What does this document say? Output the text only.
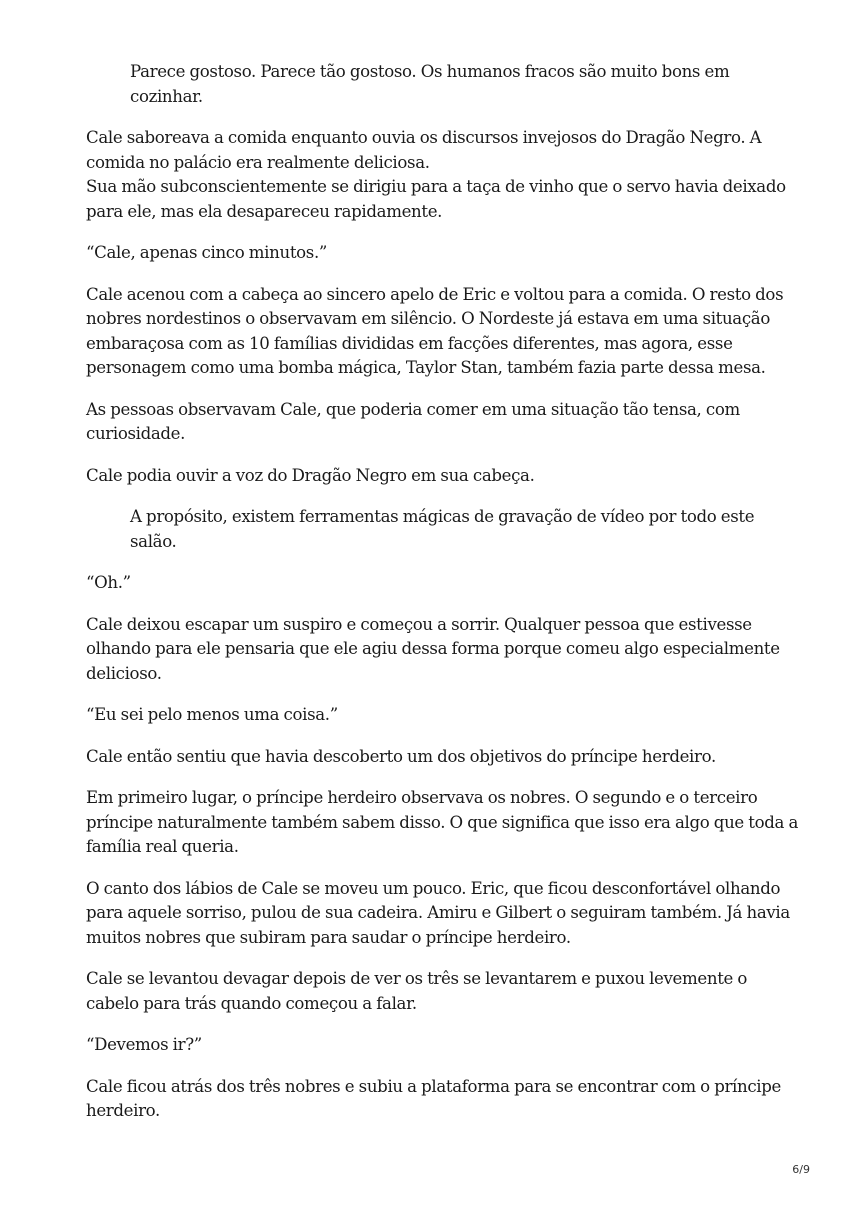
Parece gostoso. Parece tão gostoso. Os humanos fracos são muito bons em
cozinhar.

Cale saboreava a comida enquanto ouvia os discursos invejosos do Dragão Negro. A
comida no palácio era realmente deliciosa.
Sua mão subconscientemente se dirigiu para a taça de vinho que o servo havia deixado
para ele, mas ela desapareceu rapidamente.

“Cale, apenas cinco minutos.”

Cale acenou com a cabeça ao sincero apelo de Eric e voltou para a comida. O resto dos
nobres nordestinos o observavam em silêncio. O Nordeste já estava em uma situação
embaraçosa com as 10 famílias divididas em facções diferentes, mas agora, esse
personagem como uma bomba mágica, Taylor Stan, também fazia parte dessa mesa.

As pessoas observavam Cale, que poderia comer em uma situação tão tensa, com
curiosidade.

Cale podia ouvir a voz do Dragão Negro em sua cabeça.

A propósito, existem ferramentas mágicas de gravação de vídeo por todo este
salão.

“Oh.”

Cale deixou escapar um suspiro e começou a sorrir. Qualquer pessoa que estivesse
olhando para ele pensaria que ele agiu dessa forma porque comeu algo especialmente
delicioso.

“Eu sei pelo menos uma coisa.”

Cale então sentiu que havia descoberto um dos objetivos do príncipe herdeiro.

Em primeiro lugar, o príncipe herdeiro observava os nobres. O segundo e o terceiro
príncipe naturalmente também sabem disso. O que significa que isso era algo que toda a
família real queria.

O canto dos lábios de Cale se moveu um pouco. Eric, que ficou desconfortável olhando
para aquele sorriso, pulou de sua cadeira. Amiru e Gilbert o seguiram também. Já havia
muitos nobres que subiram para saudar o príncipe herdeiro.

Cale se levantou devagar depois de ver os três se levantarem e puxou levemente o
cabelo para trás quando começou a falar.

“Devemos ir?”

Cale ficou atrás dos três nobres e subiu a plataforma para se encontrar com o príncipe
herdeiro.

6/9
